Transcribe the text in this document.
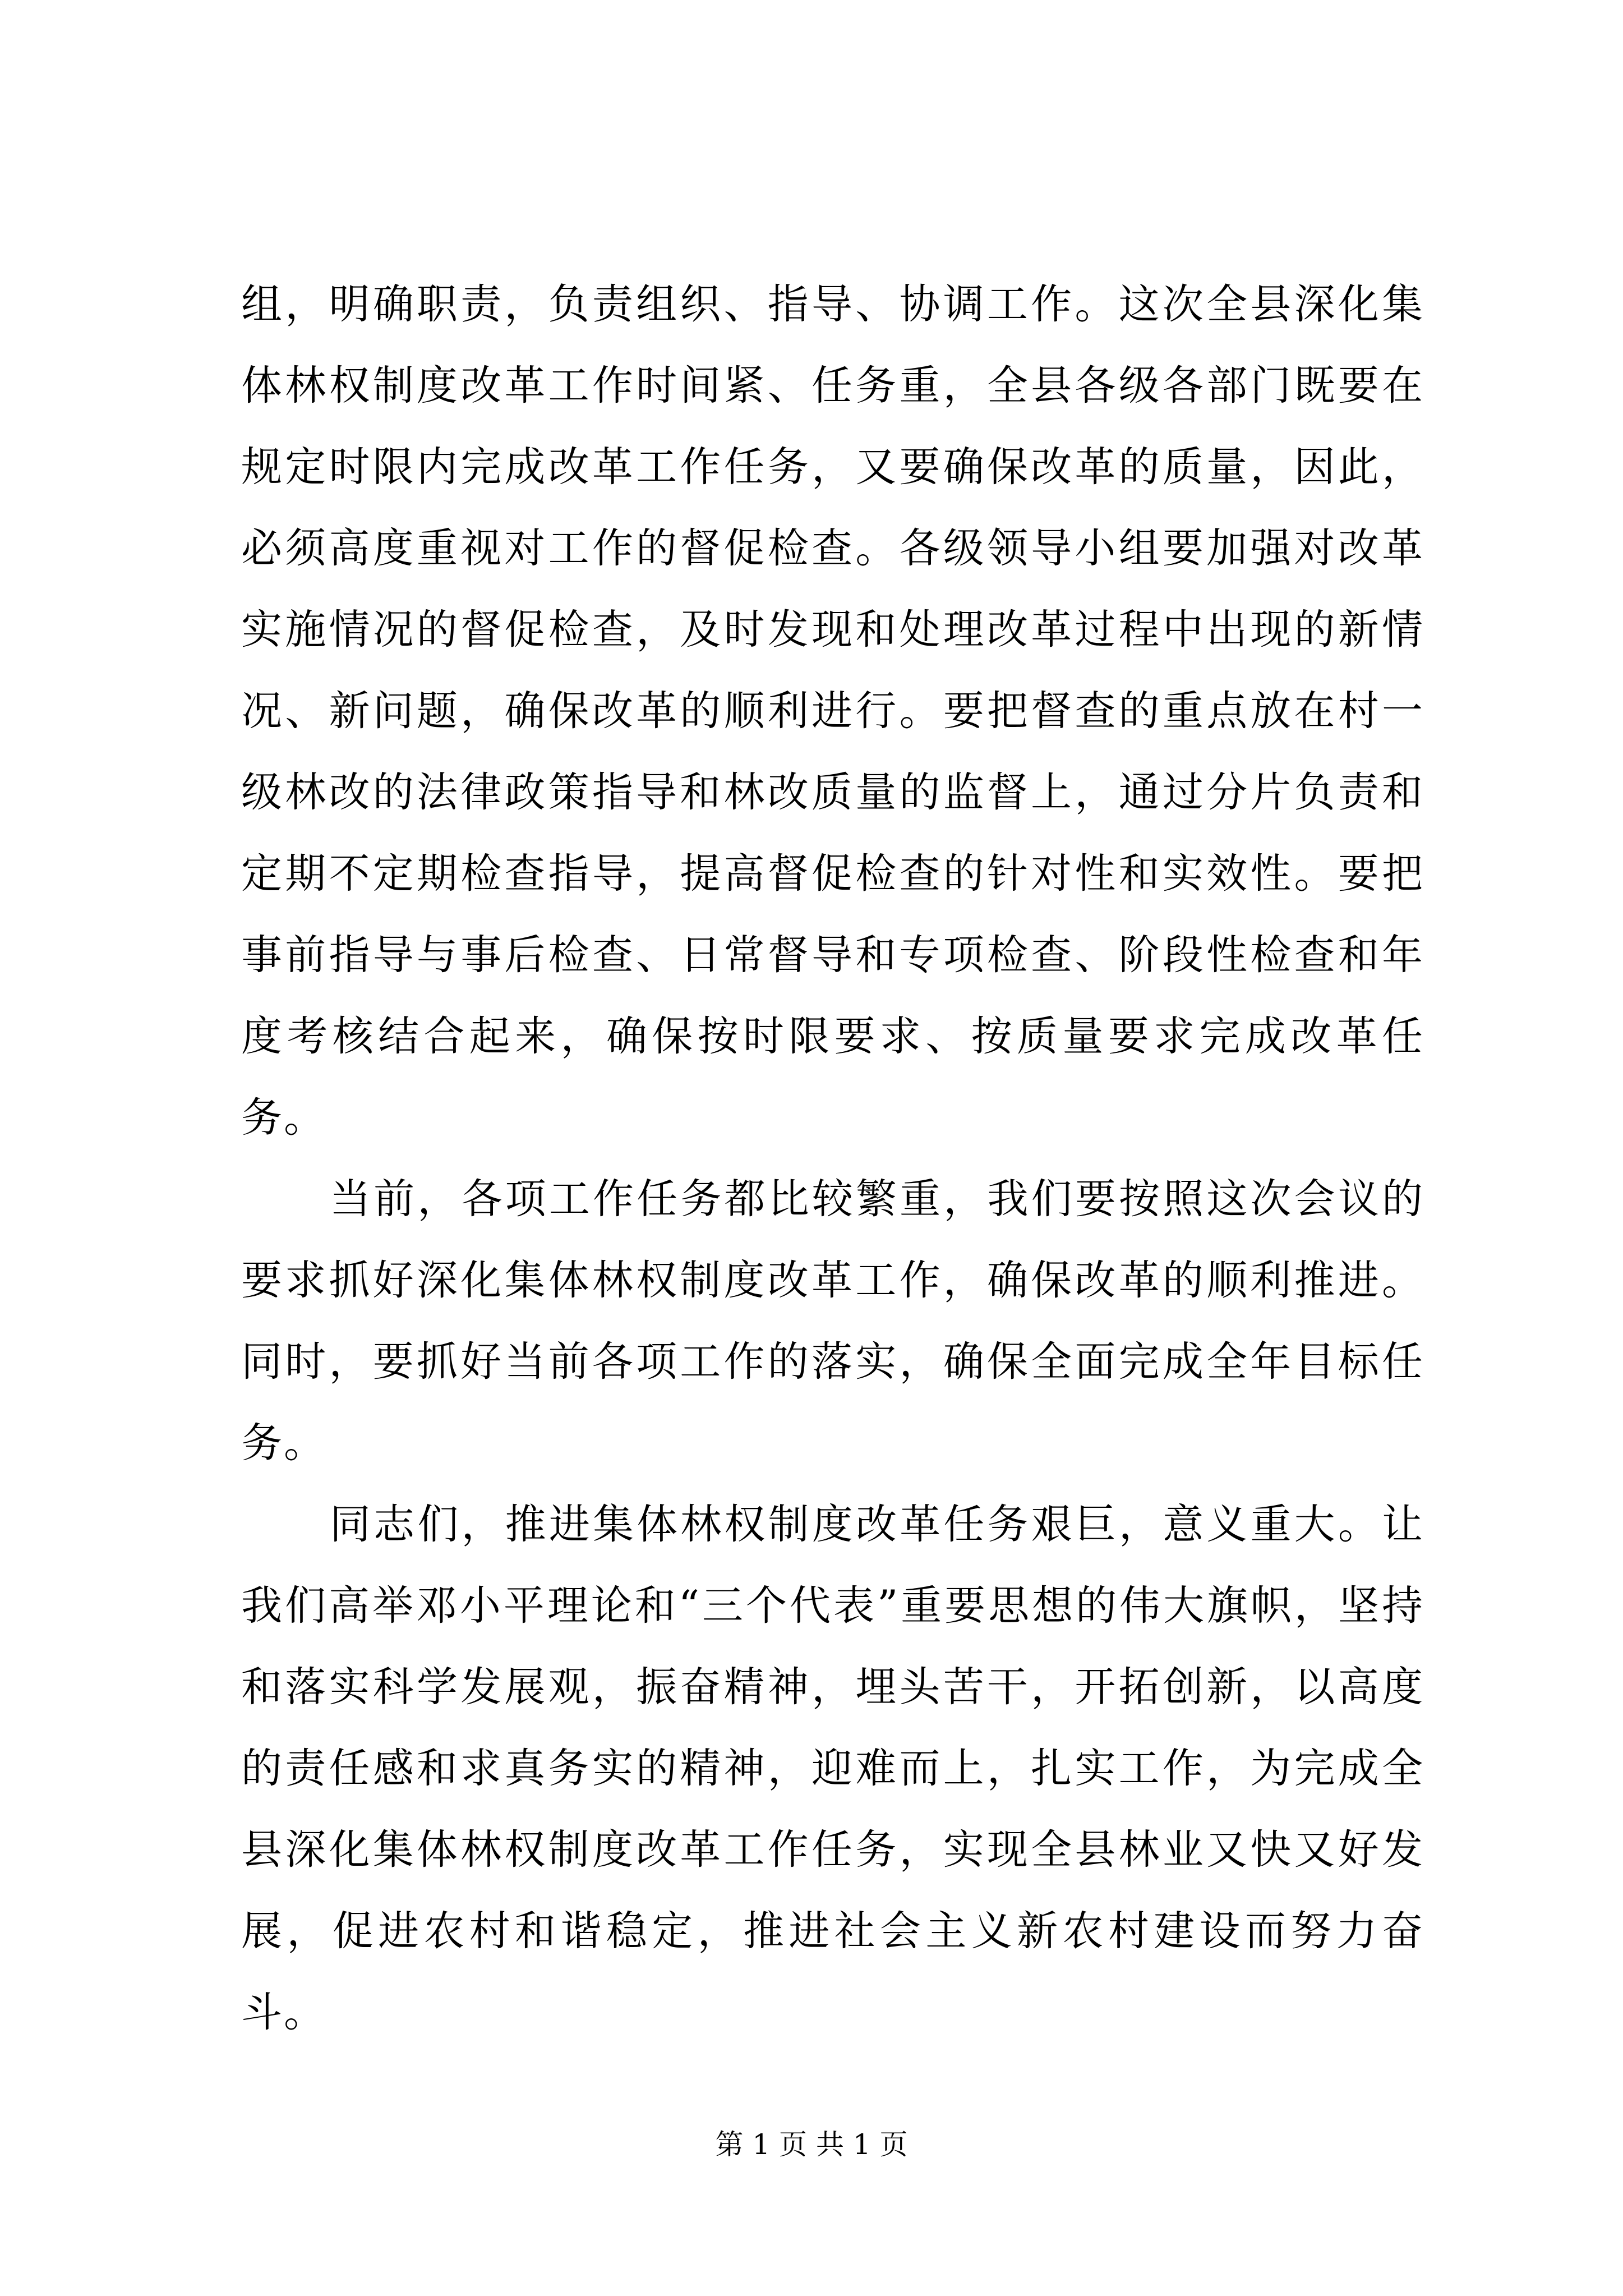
组，明确职责，负责组织、指导、协调工作。这次全县深化集体林权制度改革工作时间紧、任务重，全县各级各部门既要在规定时限内完成改革工作任务，又要确保改革的质量，因此，必须高度重视对工作的督促检查。各级领导小组要加强对改革实施情况的督促检查，及时发现和处理改革过程中出现的新情况、新问题，确保改革的顺利进行。要把督查的重点放在村一级林改的法律政策指导和林改质量的监督上，通过分片负责和定期不定期检查指导，提高督促检查的针对性和实效性。要把事前指导与事后检查、日常督导和专项检查、阶段性检查和年度考核结合起来，确保按时限要求、按质量要求完成改革任务。

当前，各项工作任务都比较繁重，我们要按照这次会议的要求抓好深化集体林权制度改革工作，确保改革的顺利推进。同时，要抓好当前各项工作的落实，确保全面完成全年目标任务。

同志们，推进集体林权制度改革任务艰巨，意义重大。让我们高举邓小平理论和“三个代表”重要思想的伟大旗帜，坚持和落实科学发展观，振奋精神，埋头苦干，开拓创新，以高度的责任感和求真务实的精神，迎难而上，扎实工作，为完成全县深化集体林权制度改革工作任务，实现全县林业又快又好发展，促进农村和谐稳定，推进社会主义新农村建设而努力奋斗。

第 1 页 共 1 页
